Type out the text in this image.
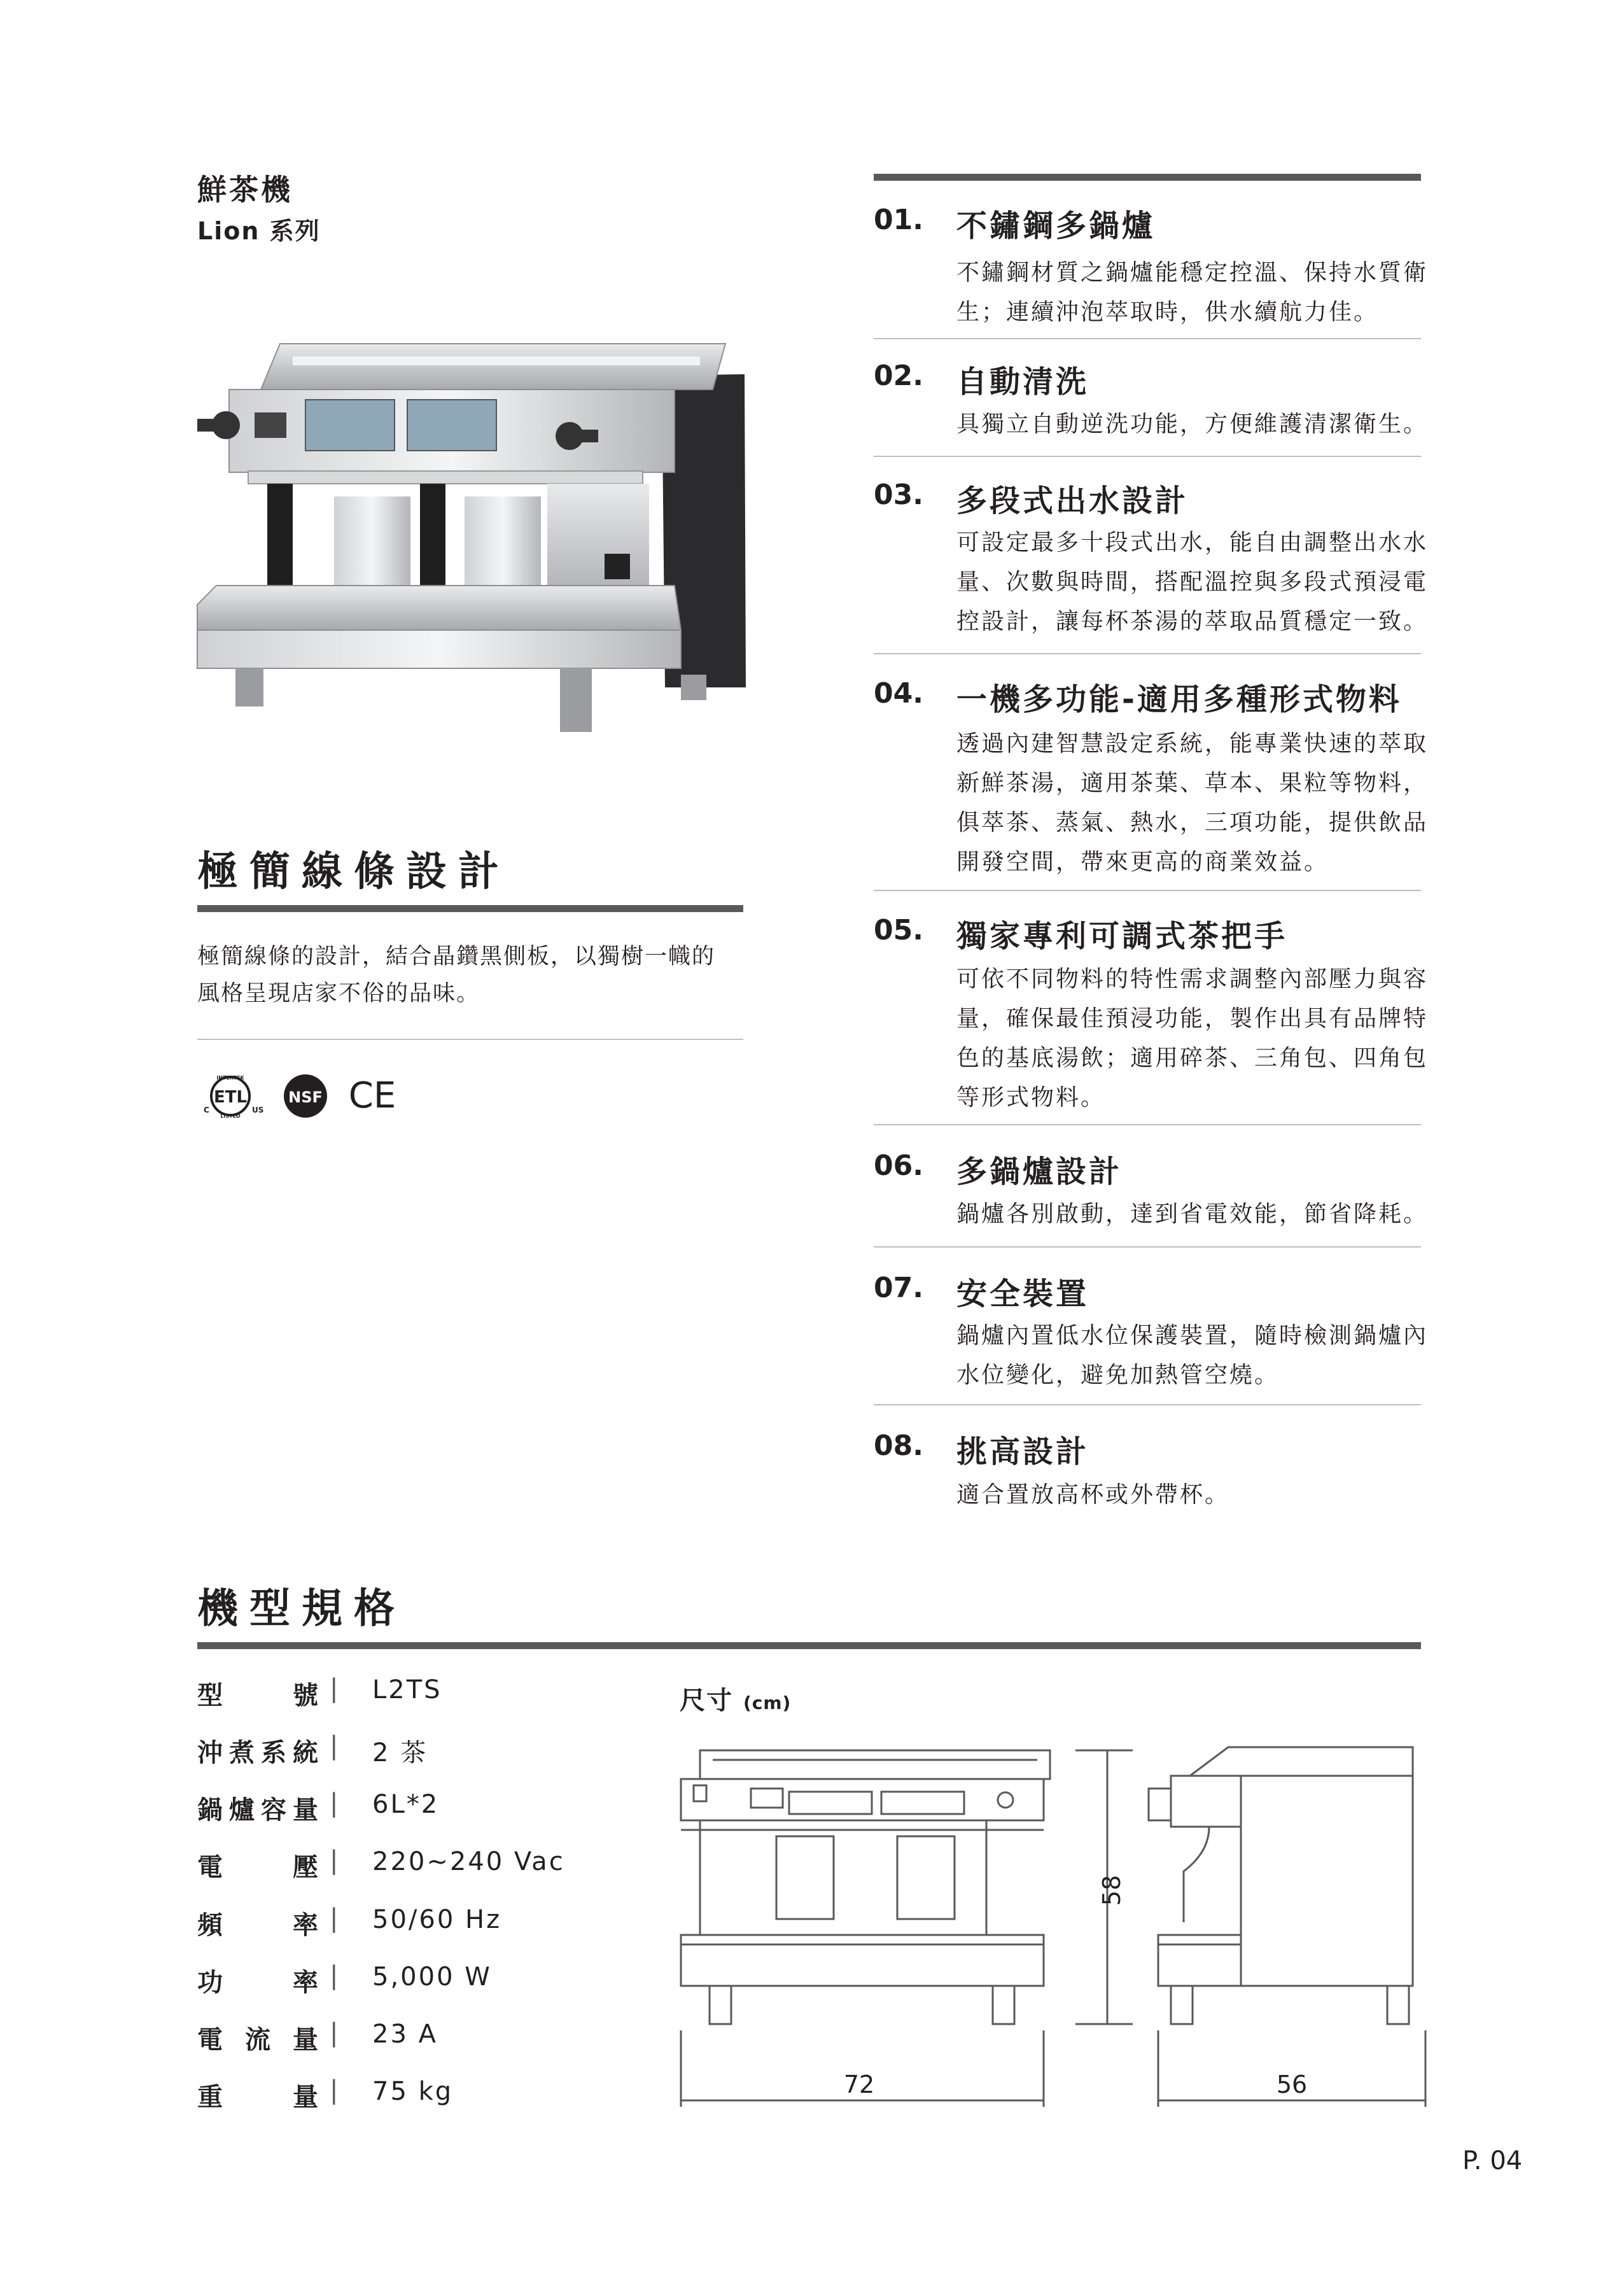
鮮茶機
Lion 系列
極簡線條設計
極簡線條的設計，結合晶鑽黑側板，以獨樹一幟的
風格呈現店家不俗的品味。
ETL
INTERTEK
LISTED
C	US
NSF CE
01.	不鏽鋼多鍋爐
不鏽鋼材質之鍋爐能穩定控溫、保持水質衛
生；連續沖泡萃取時，供水續航力佳。
02.	自動清洗
具獨立自動逆洗功能，方便維護清潔衛生。
03.	多段式出水設計
可設定最多十段式出水，能自由調整出水水
量、次數與時間，搭配溫控與多段式預浸電
控設計，讓每杯茶湯的萃取品質穩定一致。
04.	一機多功能-適用多種形式物料
透過內建智慧設定系統，能專業快速的萃取
新鮮茶湯，適用茶葉、草本、果粒等物料，
俱萃茶、蒸氣、熱水，三項功能，提供飲品
開發空間，帶來更高的商業效益。
05.	獨家專利可調式茶把手
可依不同物料的特性需求調整內部壓力與容
量，確保最佳預浸功能，製作出具有品牌特
色的基底湯飲；適用碎茶、三角包、四角包
等形式物料。
06.	多鍋爐設計
鍋爐各別啟動，達到省電效能，節省降耗。
07.	安全裝置
鍋爐內置低水位保護裝置，隨時檢測鍋爐內
水位變化，避免加熱管空燒。
08.	挑高設計
適合置放高杯或外帶杯。
機型規格
型號 | L2TS
沖煮系統 | 2 茶
鍋爐容量 | 6L*2
電壓 | 220~240 Vac
頻率 | 50/60 Hz
功率 | 5,000 W
電流量 | 23 A
重量 | 75 kg
尺寸 (cm)
72
58
56
P. 04
